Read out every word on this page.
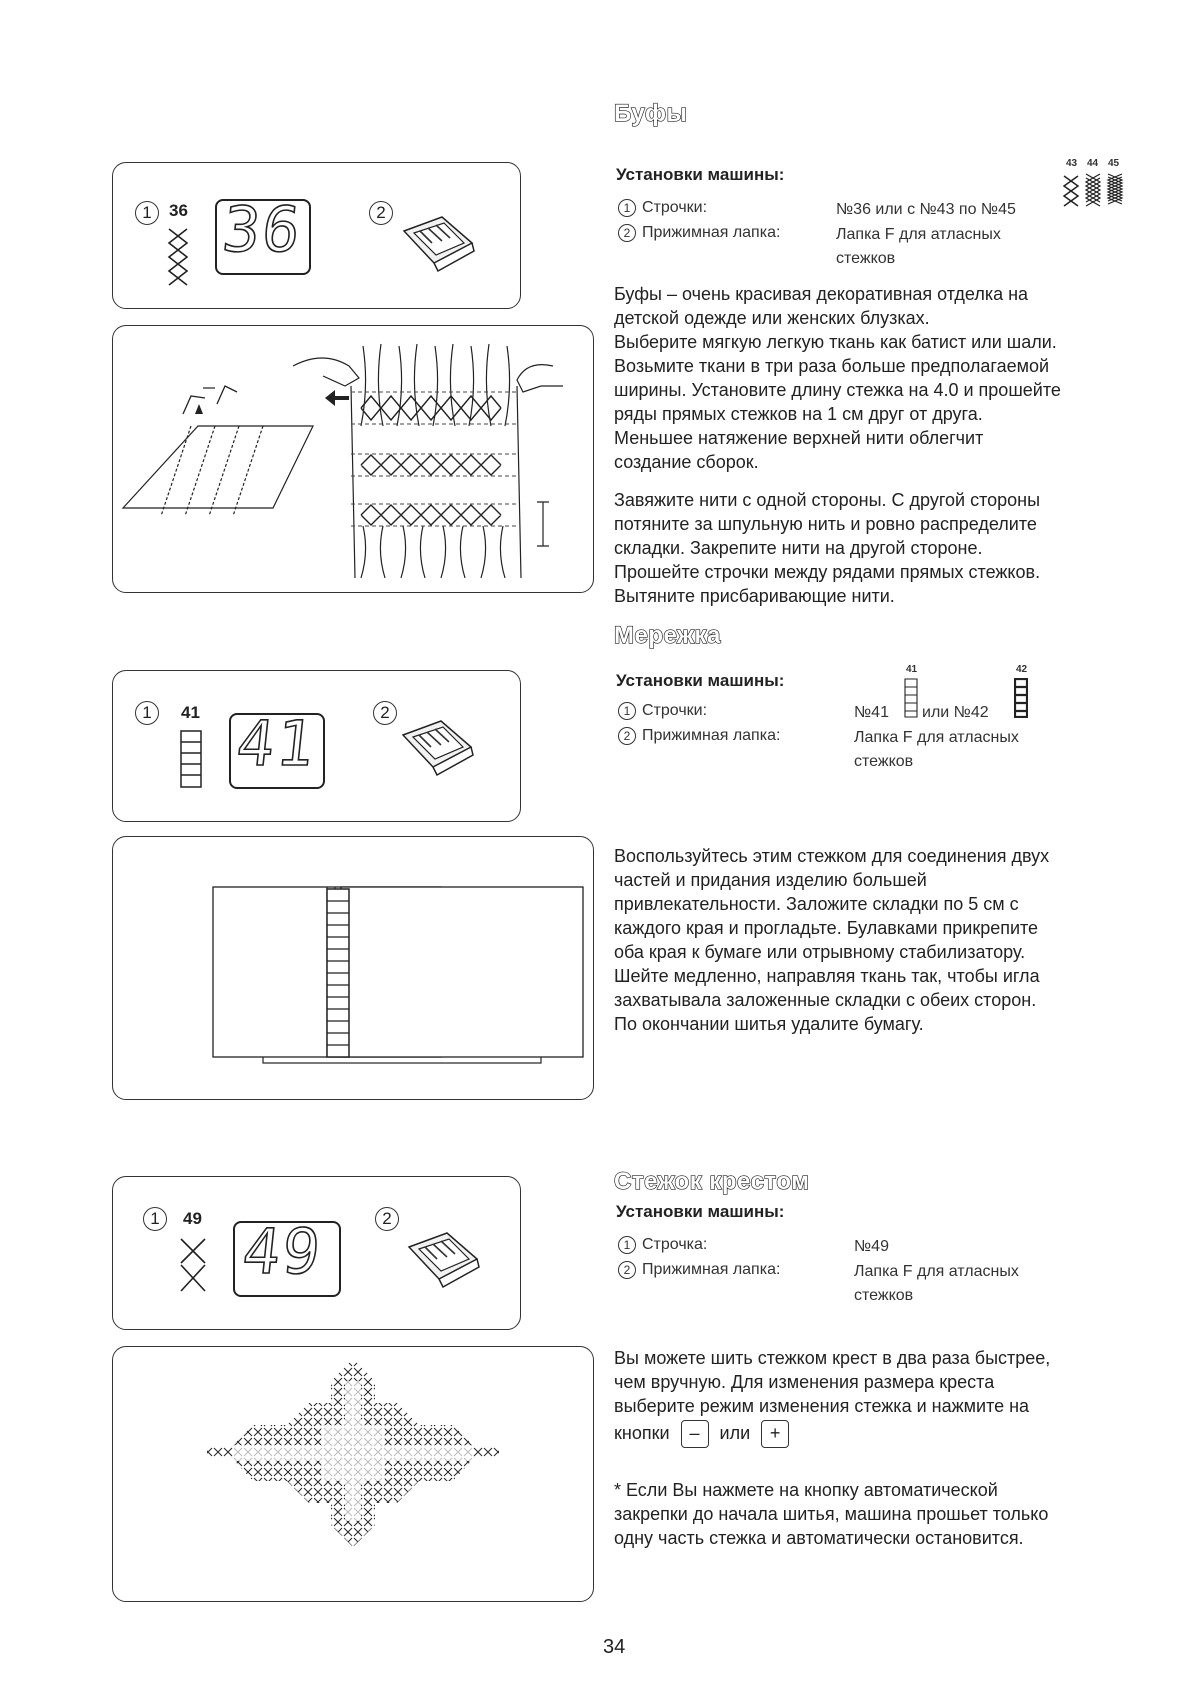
Буфы
1	36 36	2
Установки машины:
43 44 45
1 Строчки:	№36 или с №43 по №45
2 Прижимная лапка:	Лапка F для атласных
стежков

Буфы – очень красивая декоративная отделка на

детской одежде или женских блузках.

Выберите мягкую легкую ткань как батист или шали.

Возьмите ткани в три раза больше предполагаемой

ширины. Установите длину стежка на 4.0 и прошейте

ряды прямых стежков на 1 см друг от друга.

Меньшее натяжение верхней нити облегчит

создание сборок.

Завяжите нити с одной стороны. С другой стороны

потяните за шпульную нить и ровно распределите

складки. Закрепите нити на другой стороне.

Прошейте строчки между рядами прямых стежков.

Вытяните присбаривающие нити.

Мережка
1	41 41	2
Установки машины:
41	42
1 Строчки:	№41 или №42
2 Прижимная лапка:	Лапка F для атласных
стежков

Воспользуйтесь этим стежком для соединения двух

частей и придания изделию большей

привлекательности. Заложите складки по 5 см с

каждого края и прогладьте. Булавками прикрепите

оба края к бумаге или отрывному стабилизатору.

Шейте медленно, направляя ткань так, чтобы игла

захватывала заложенные складки с обеих сторон.

По окончании шитья удалите бумагу.

Стежок крестом
1	49 49	2	Установки машины:
1 Строчка:	№49
2 Прижимная лапка:	Лапка F для атласных
стежков

Вы можете шить стежком крест в два раза быстрее,

чем вручную. Для изменения размера креста

выберите режим изменения стежка и нажмите на

кнопки – или +

* Если Вы нажмете на кнопку автоматической

закрепки до начала шитья, машина прошьет только

одну часть стежка и автоматически остановится.

34
